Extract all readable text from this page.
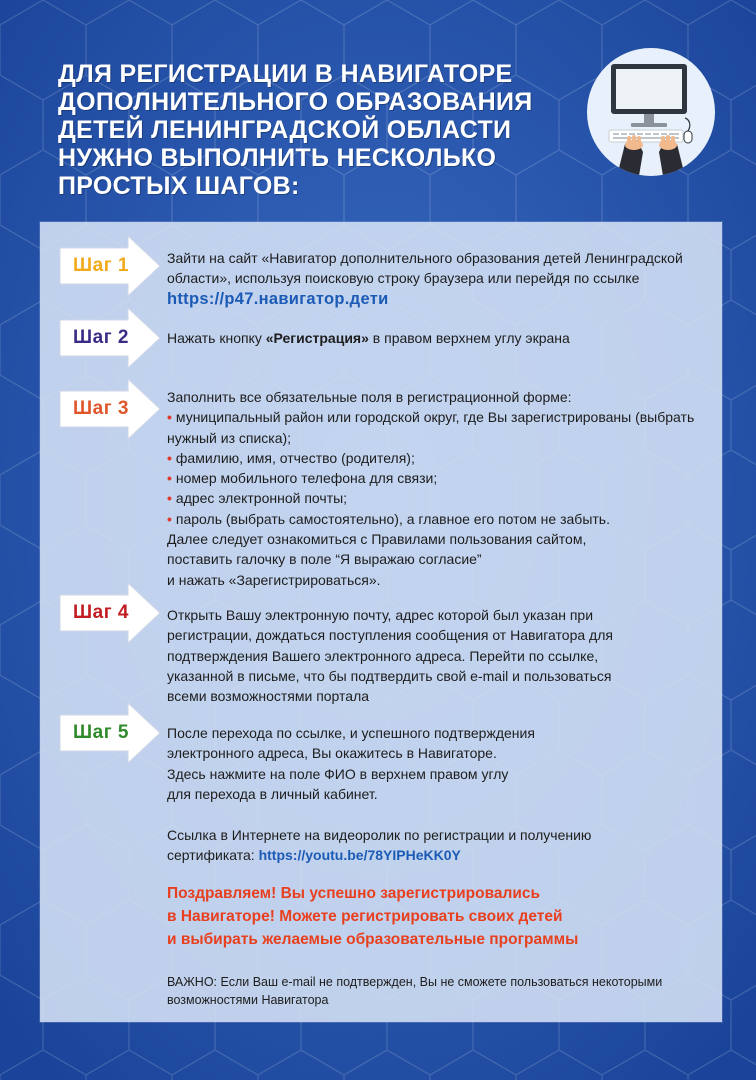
ДЛЯ РЕГИСТРАЦИИ В НАВИГАТОРЕ
ДОПОЛНИТЕЛЬНОГО ОБРАЗОВАНИЯ
ДЕТЕЙ ЛЕНИНГРАДСКОЙ ОБЛАСТИ
НУЖНО ВЫПОЛНИТЬ НЕСКОЛЬКО
ПРОСТЫХ ШАГОВ:
Шаг 1
Шаг 2
Шаг 3
Шаг 4
Шаг 5
Зайти на сайт «Навигатор дополнительного образования детей Ленинградской области», используя поисковую строку браузера или перейдя по ссылке https://р47.навигатор.дети
Нажать кнопку «Регистрация» в правом верхнем углу экрана

Заполнить все обязательные поля в регистрационной форме:

• муниципальный район или городской округ, где Вы зарегистрированы (выбрать нужный из списка);

• фамилию, имя, отчество (родителя);

• номер мобильного телефона для связи;

• адрес электронной почты;

• пароль (выбрать самостоятельно), а главное его потом не забыть.

Далее следует ознакомиться с Правилами пользования сайтом,

поставить галочку в поле “Я выражаю согласие”

и нажать «Зарегистрироваться».

Открыть Вашу электронную почту, адрес которой был указан при

регистрации, дождаться поступления сообщения от Навигатора для

подтверждения Вашего электронного адреса. Перейти по ссылке,

указанной в письме, что бы подтвердить свой e-mail и пользоваться

всеми возможностями портала

После перехода по ссылке, и успешного подтверждения

электронного адреса, Вы окажитесь в Навигаторе.

Здесь нажмите на поле ФИО в верхнем правом углу

для перехода в личный кабинет.

Ссылка в Интернете на видеоролик по регистрации и получению сертификата: https://youtu.be/78YIPHeKK0Y

Поздравляем! Вы успешно зарегистрировались
в Навигаторе! Можете регистрировать своих детей
и выбирать желаемые образовательные программы
ВАЖНО: Если Ваш e-mail не подтвержден, Вы не сможете пользоваться некоторыми возможностями Навигатора
